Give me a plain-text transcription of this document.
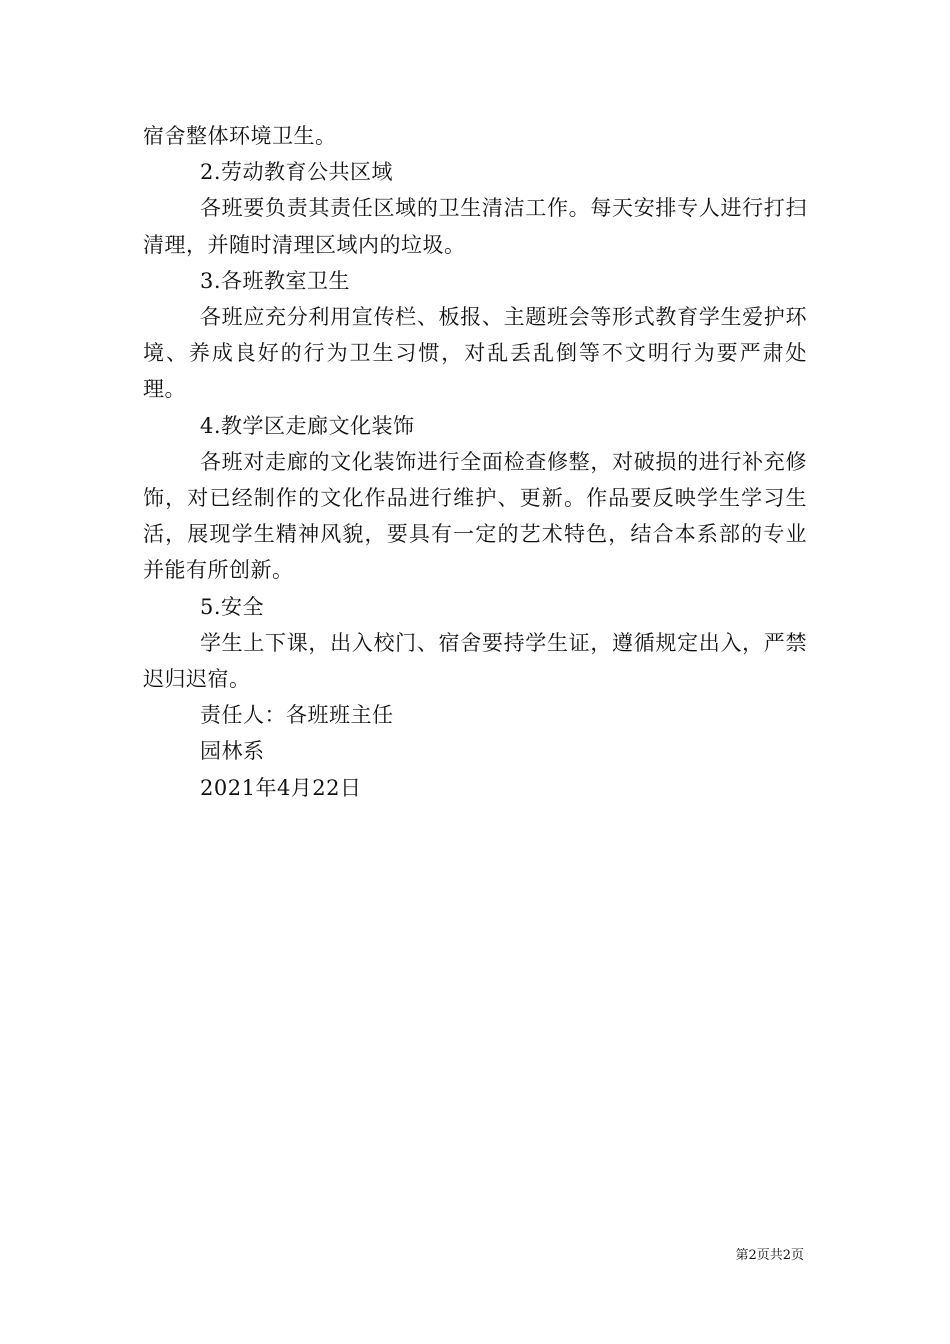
宿舍整体环境卫生。

2.劳动教育公共区域

各班要负责其责任区域的卫生清洁工作。每天安排专人进行打扫清理，并随时清理区域内的垃圾。

3.各班教室卫生

各班应充分利用宣传栏、板报、主题班会等形式教育学生爱护环境、养成良好的行为卫生习惯，对乱丢乱倒等不文明行为要严肃处理。

4.教学区走廊文化装饰

各班对走廊的文化装饰进行全面检查修整，对破损的进行补充修饰，对已经制作的文化作品进行维护、更新。作品要反映学生学习生活，展现学生精神风貌，要具有一定的艺术特色，结合本系部的专业并能有所创新。

5.安全

学生上下课，出入校门、宿舍要持学生证，遵循规定出入，严禁迟归迟宿。

责任人：各班班主任

园林系

2021年4月22日

第2页共2页
